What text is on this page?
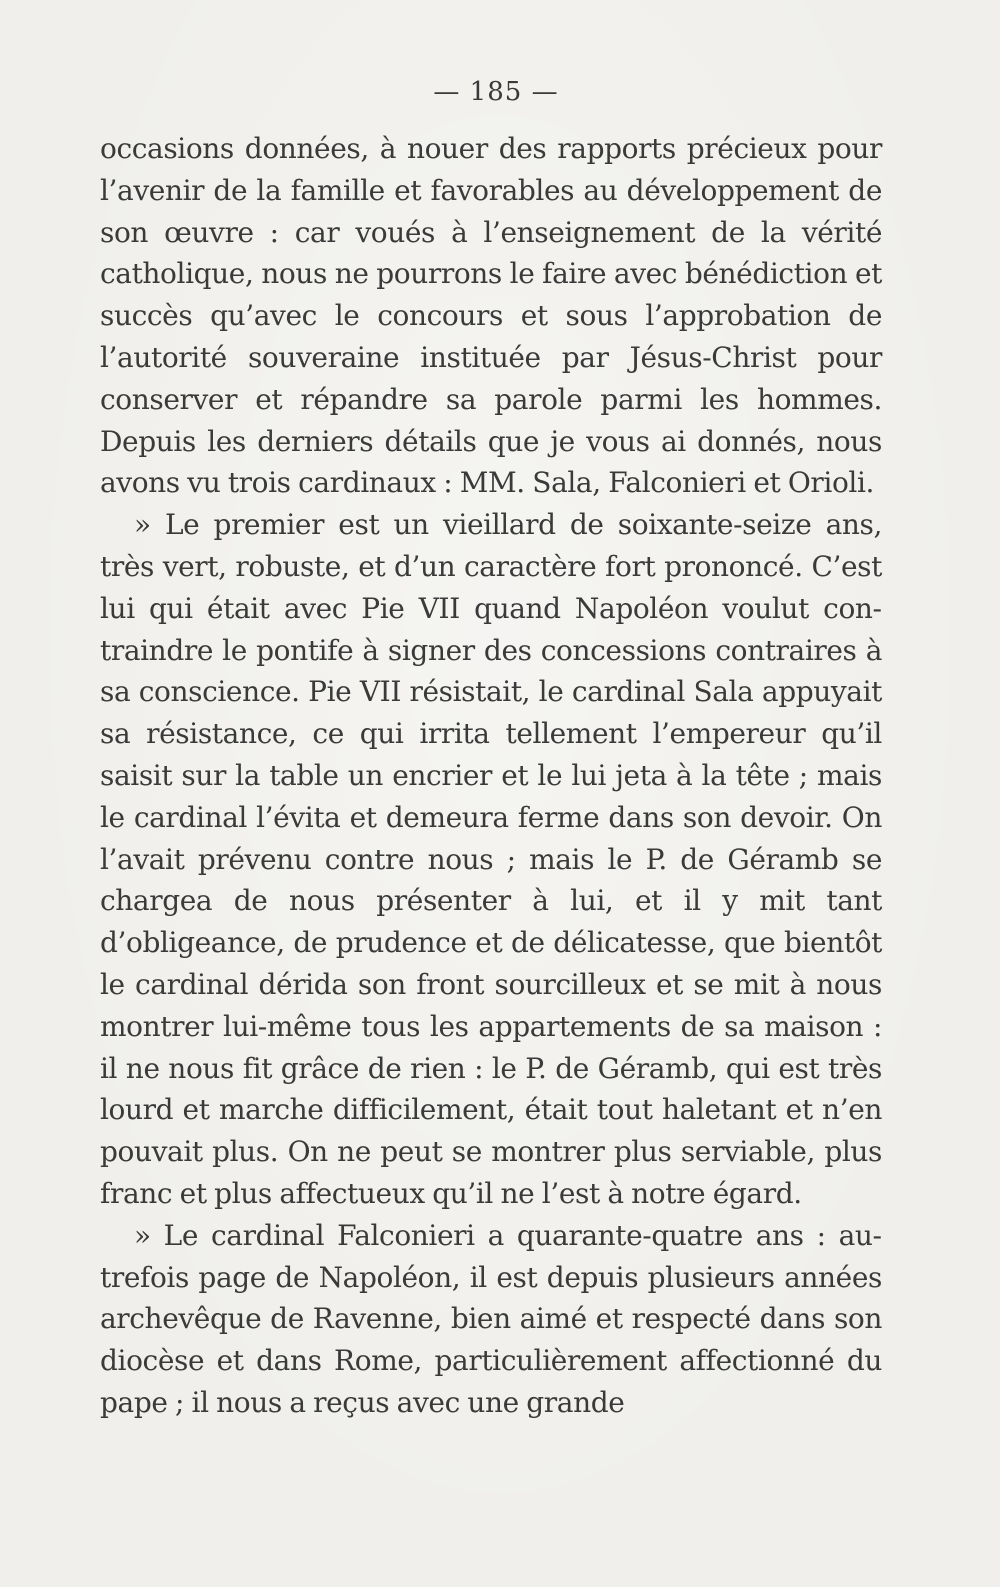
— 185 —

occasions données, à nouer des rapports précieux pour l’avenir de la famille et favorables au développement de son œuvre : car voués à l’enseignement de la vérité catholique, nous ne pourrons le faire avec bénédiction et succès qu’avec le concours et sous l’approbation de l’autorité souveraine instituée par Jésus-Christ pour conserver et répandre sa parole parmi les hommes. Depuis les derniers détails que je vous ai donnés, nous avons vu trois cardinaux : MM. Sala, Falconieri et Orioli.

» Le premier est un vieillard de soixante-seize ans, très vert, robuste, et d’un caractère fort prononcé. C’est lui qui était avec Pie VII quand Napoléon voulut contraindre le pontife à signer des concessions contraires à sa conscience. Pie VII résistait, le cardinal Sala appuyait sa résistance, ce qui irrita tellement l’empereur qu’il saisit sur la table un encrier et le lui jeta à la tête ; mais le cardinal l’évita et demeura ferme dans son devoir. On l’avait prévenu contre nous ; mais le P. de Géramb se chargea de nous présenter à lui, et il y mit tant d’obligeance, de prudence et de délicatesse, que bientôt le cardinal dérida son front sourcilleux et se mit à nous montrer lui-même tous les appartements de sa maison : il ne nous fit grâce de rien : le P. de Géramb, qui est très lourd et marche difficilement, était tout haletant et n’en pouvait plus. On ne peut se montrer plus serviable, plus franc et plus affectueux qu’il ne l’est à notre égard.

» Le cardinal Falconieri a quarante-quatre ans : autrefois page de Napoléon, il est depuis plusieurs années archevêque de Ravenne, bien aimé et respecté dans son diocèse et dans Rome, particulièrement affectionné du pape ; il nous a reçus avec une grande
